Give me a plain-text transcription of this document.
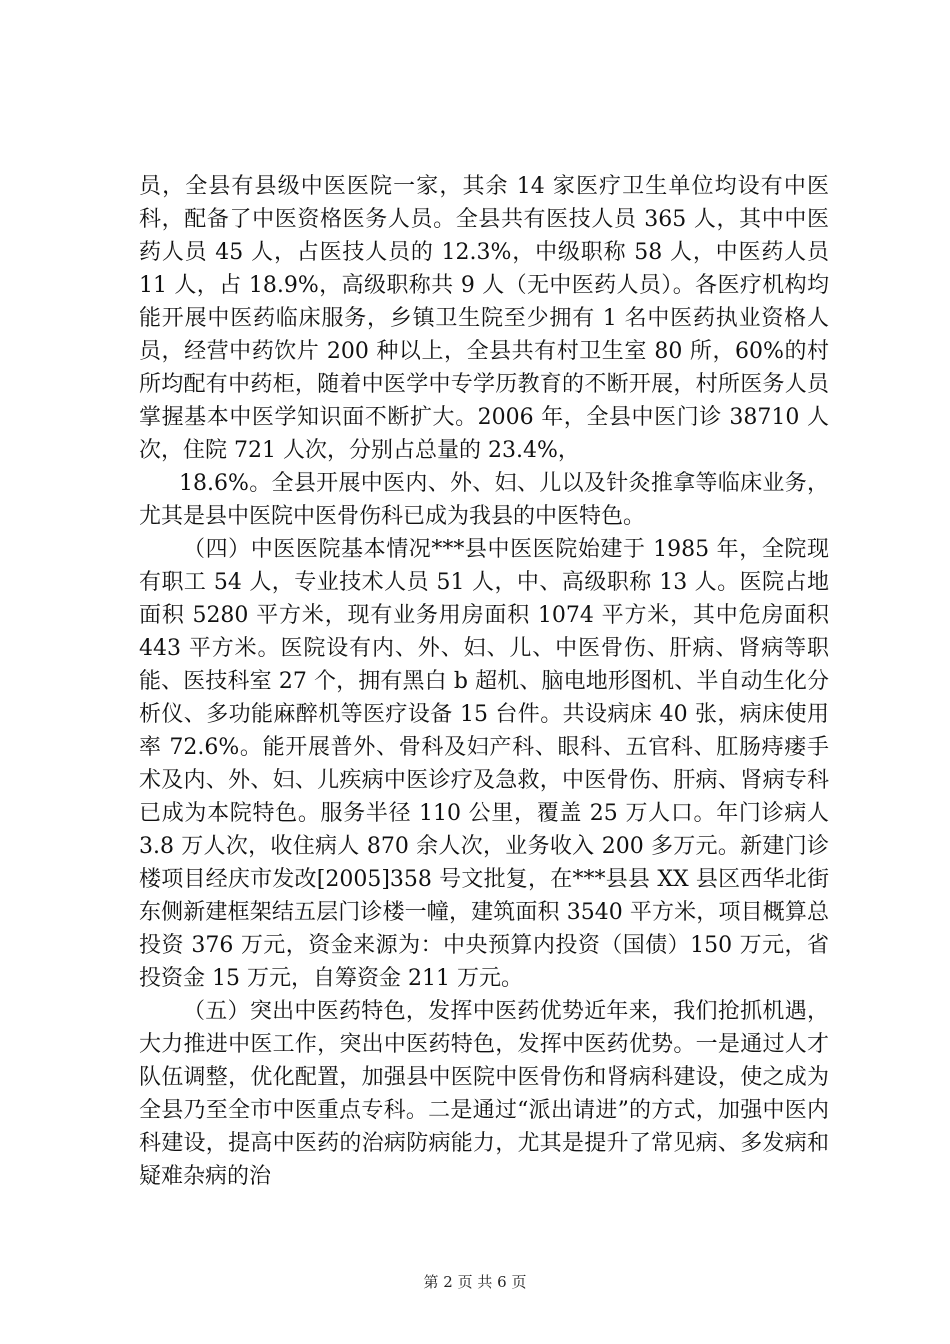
员，全县有县级中医医院一家，其余 14 家医疗卫生单位均设有中医科，配备了中医资格医务人员。全县共有医技人员 365 人，其中中医药人员 45 人，占医技人员的 12.3%，中级职称 58 人，中医药人员 11 人，占 18.9%，高级职称共 9 人（无中医药人员）。各医疗机构均能开展中医药临床服务，乡镇卫生院至少拥有 1 名中医药执业资格人员，经营中药饮片 200 种以上，全县共有村卫生室 80 所，60%的村所均配有中药柜，随着中医学中专学历教育的不断开展，村所医务人员掌握基本中医学知识面不断扩大。2006 年，全县中医门诊 38710 人次，住院 721 人次，分别占总量的 23.4%，

18.6%。全县开展中医内、外、妇、儿以及针灸推拿等临床业务，尤其是县中医院中医骨伤科已成为我县的中医特色。

（四）中医医院基本情况***县中医医院始建于 1985 年，全院现有职工 54 人，专业技术人员 51 人，中、高级职称 13 人。医院占地面积 5280 平方米，现有业务用房面积 1074 平方米，其中危房面积 443 平方米。医院设有内、外、妇、儿、中医骨伤、肝病、肾病等职能、医技科室 27 个，拥有黑白 b 超机、脑电地形图机、半自动生化分析仪、多功能麻醉机等医疗设备 15 台件。共设病床 40 张，病床使用率 72.6%。能开展普外、骨科及妇产科、眼科、五官科、肛肠痔瘘手术及内、外、妇、儿疾病中医诊疗及急救，中医骨伤、肝病、肾病专科已成为本院特色。服务半径 110 公里，覆盖 25 万人口。年门诊病人 3.8 万人次，收住病人 870 余人次，业务收入 200 多万元。新建门诊楼项目经庆市发改[2005]358 号文批复，在***县县 XX 县区西华北街东侧新建框架结五层门诊楼一幢，建筑面积 3540 平方米，项目概算总投资 376 万元，资金来源为：中央预算内投资（国债）150 万元，省投资金 15 万元，自筹资金 211 万元。

（五）突出中医药特色，发挥中医药优势近年来，我们抢抓机遇，大力推进中医工作，突出中医药特色，发挥中医药优势。一是通过人才队伍调整，优化配置，加强县中医院中医骨伤和肾病科建设，使之成为全县乃至全市中医重点专科。二是通过“派出请进”的方式，加强中医内科建设，提高中医药的治病防病能力，尤其是提升了常见病、多发病和疑难杂病的治

第 2 页 共 6 页
